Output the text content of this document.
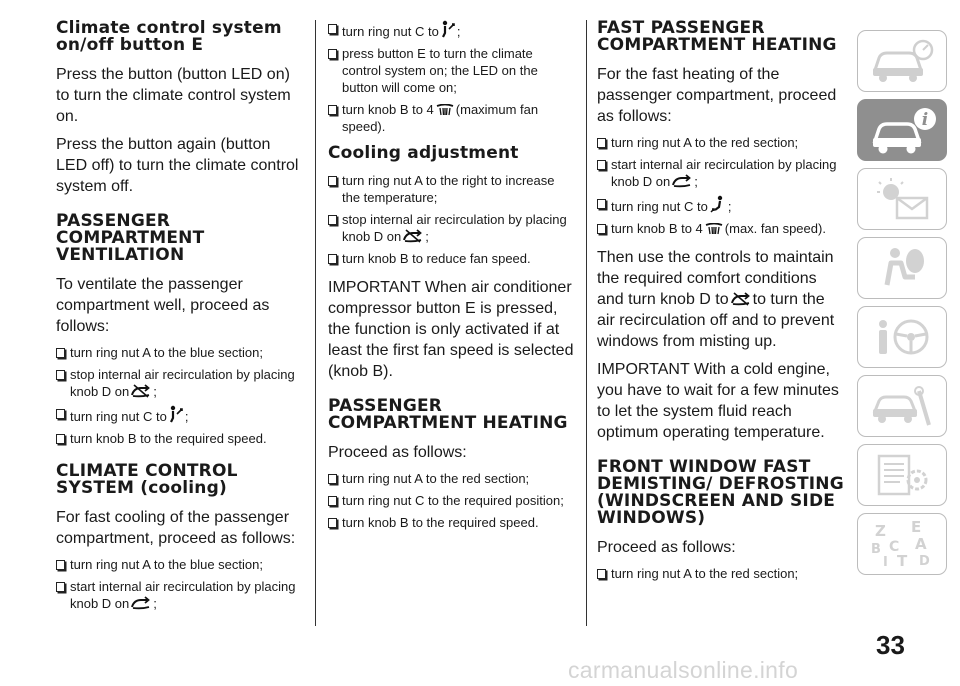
Climate control system on/off button E
Press the button (button LED on) to turn the climate control system on.
Press the button again (button LED off) to turn the climate control system off.
PASSENGER COMPARTMENT VENTILATION
To ventilate the passenger compartment well, proceed as follows:
turn ring nut A to the blue section;
stop internal air recirculation by placing knob D on ;
turn ring nut C to ;
turn knob B to the required speed.
CLIMATE CONTROL SYSTEM (cooling)
For fast cooling of the passenger compartment, proceed as follows:
turn ring nut A to the blue section;
start internal air recirculation by placing knob D on ;
turn ring nut C to ;
press button E to turn the climate control system on; the LED on the button will come on;
turn knob B to 4 (maximum fan speed).
Cooling adjustment
turn ring nut A to the right to increase the temperature;
stop internal air recirculation by placing knob D on ;
turn knob B to reduce fan speed.
IMPORTANT When air conditioner compressor button E is pressed, the function is only activated if at least the first fan speed is selected (knob B).
PASSENGER COMPARTMENT HEATING
Proceed as follows:
turn ring nut A to the red section;
turn ring nut C to the required position;
turn knob B to the required speed.
FAST PASSENGER COMPARTMENT HEATING
For the fast heating of the passenger compartment, proceed as follows:
turn ring nut A to the red section;
start internal air recirculation by placing knob D on ;
turn ring nut C to ;
turn knob B to 4 (max. fan speed).
Then use the controls to maintain the required comfort conditions and turn knob D to to turn the air recirculation off and to prevent windows from misting up.
IMPORTANT With a cold engine, you have to wait for a few minutes to let the system fluid reach optimum operating temperature.
FRONT WINDOW FAST DEMISTING/ DEFROSTING (WINDSCREEN AND SIDE WINDOWS)
Proceed as follows:
turn ring nut A to the red section;
i
Z E
B A
C
D
T
I
33
carmanualsonline.info
